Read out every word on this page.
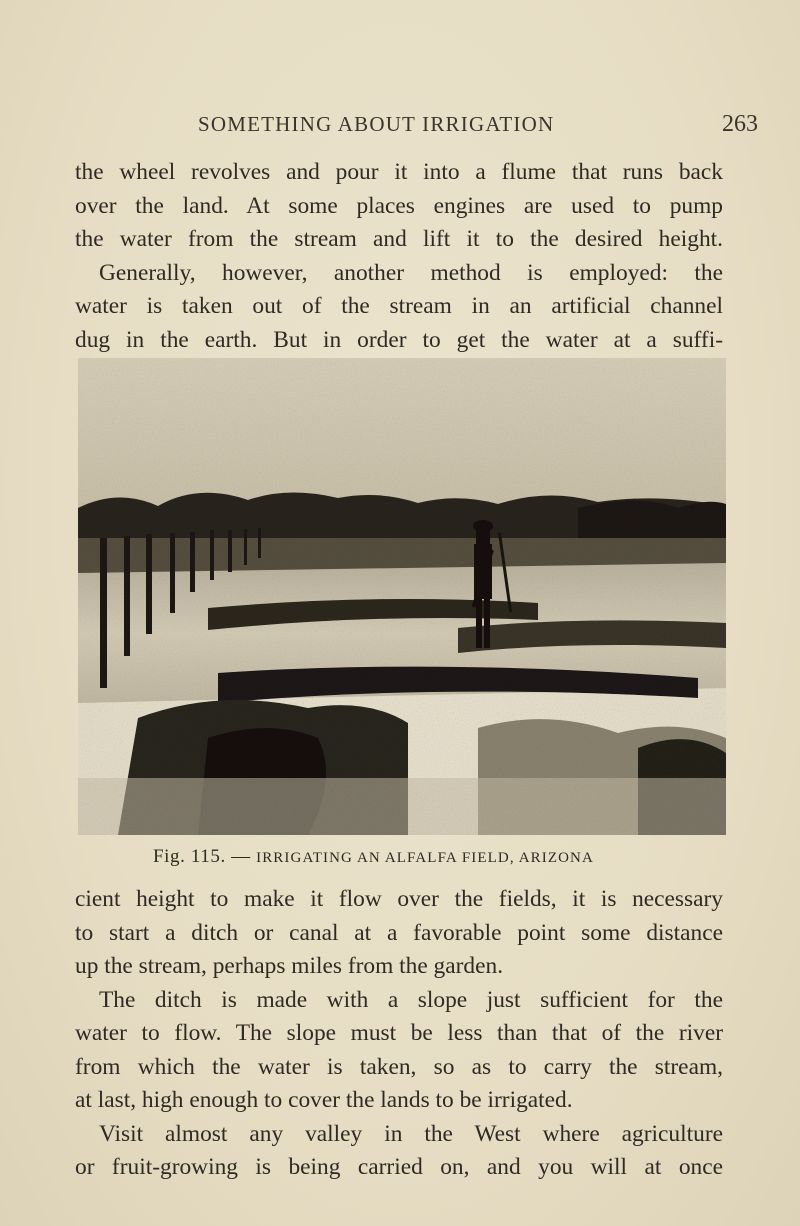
SOMETHING ABOUT IRRIGATION	263
the wheel revolves and pour it into a flume that runs back
over the land. At some places engines are used to pump
the water from the stream and lift it to the desired height.
Generally, however, another method is employed: the
water is taken out of the stream in an artificial channel
dug in the earth. But in order to get the water at a suffi-
Fig. 115. — IRRIGATING AN ALFALFA FIELD, ARIZONA
cient height to make it flow over the fields, it is necessary
to start a ditch or canal at a favorable point some distance
up the stream, perhaps miles from the garden.
The ditch is made with a slope just sufficient for the
water to flow. The slope must be less than that of the river
from which the water is taken, so as to carry the stream,
at last, high enough to cover the lands to be irrigated.
Visit almost any valley in the West where agriculture
or fruit-growing is being carried on, and you will at once
